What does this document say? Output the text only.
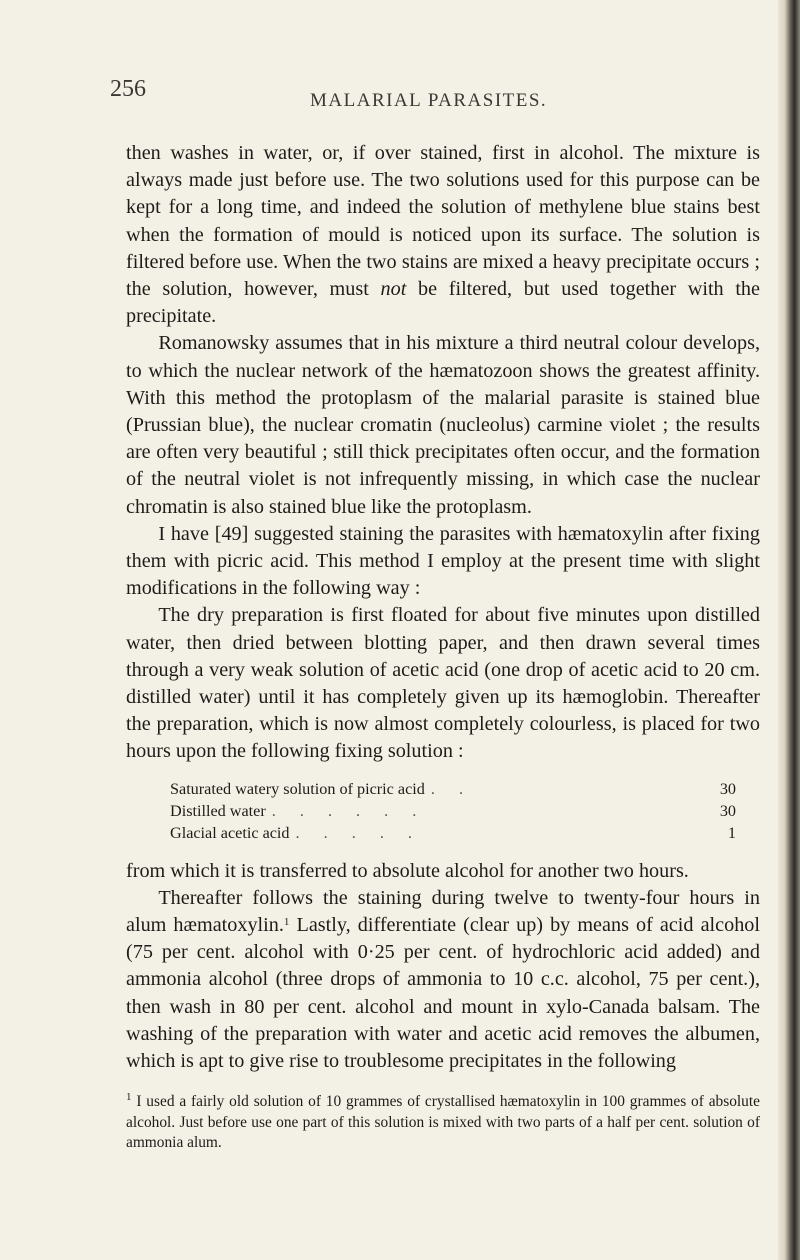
256	MALARIAL PARASITES.

then washes in water, or, if over stained, first in alcohol. The mixture is always made just before use. The two solutions used for this purpose can be kept for a long time, and indeed the solution of methylene blue stains best when the formation of mould is noticed upon its surface. The solution is filtered before use. When the two stains are mixed a heavy precipitate occurs ; the solution, however, must not be filtered, but used together with the precipitate.

Romanowsky assumes that in his mixture a third neutral colour develops, to which the nuclear network of the hæmatozoon shows the greatest affinity. With this method the protoplasm of the malarial parasite is stained blue (Prussian blue), the nuclear cromatin (nucleolus) carmine violet ; the results are often very beautiful ; still thick precipitates often occur, and the formation of the neutral violet is not infrequently missing, in which case the nuclear chromatin is also stained blue like the protoplasm.

I have [49] suggested staining the parasites with hæmatoxylin after fixing them with picric acid. This method I employ at the present time with slight modifications in the following way :

The dry preparation is first floated for about five minutes upon distilled water, then dried between blotting paper, and then drawn several times through a very weak solution of acetic acid (one drop of acetic acid to 20 cm. distilled water) until it has completely given up its hæmoglobin. Thereafter the preparation, which is now almost completely colourless, is placed for two hours upon the following fixing solution :

Saturated watery solution of picric acid . .	30
Distilled water . . . . . .	30
Glacial acetic acid . . . . .	1

from which it is transferred to absolute alcohol for another two hours.

Thereafter follows the staining during twelve to twenty-four hours in alum hæmatoxylin.$^1$ Lastly, differentiate (clear up) by means of acid alcohol (75 per cent. alcohol with 0·25 per cent. of hydrochloric acid added) and ammonia alcohol (three drops of ammonia to 10 c.c. alcohol, 75 per cent.), then wash in 80 per cent. alcohol and mount in xylo-Canada balsam. The washing of the preparation with water and acetic acid removes the albumen, which is apt to give rise to troublesome precipitates in the following

$^1$ I used a fairly old solution of 10 grammes of crystallised hæmatoxylin in 100 grammes of absolute alcohol. Just before use one part of this solution is mixed with two parts of a half per cent. solution of ammonia alum.
